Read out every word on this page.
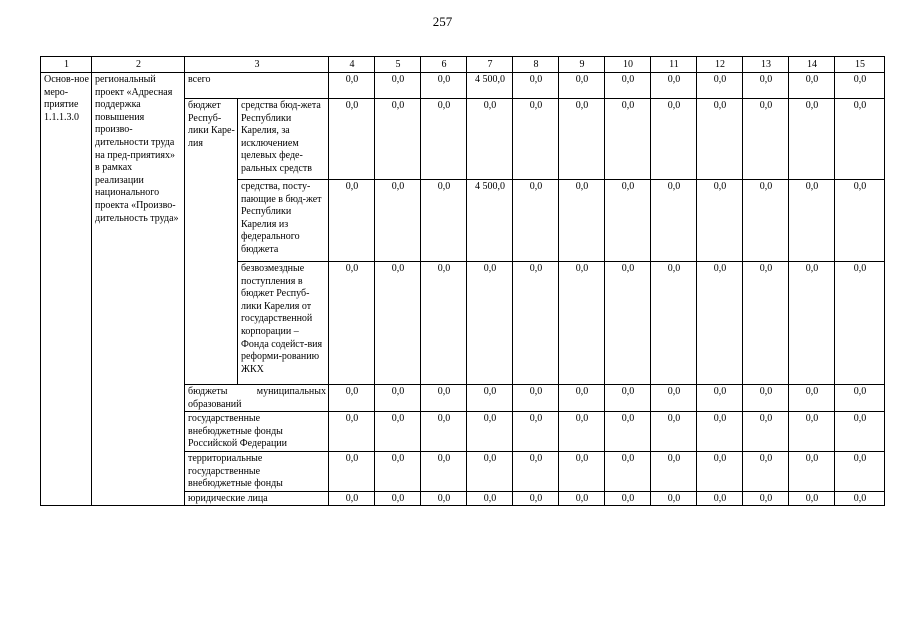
257
1	2	3		4	5	6	7	8	9	10	11	12	13	14	15
Основ-ное меро-приятие 1.1.1.3.0	региональный проект «Адресная поддержка повышения произво-дительности труда на пред-приятиях» в рамках реализации национального проекта «Произво-дительность труда»	всего		0,0	0,0	0,0	4 500,0	0,0	0,0	0,0	0,0	0,0	0,0	0,0	0,0
		бюджет Респуб-лики Каре-лия	средства бюд-жета Республики Карелия, за исключением целевых феде-ральных средств	0,0	0,0	0,0	0,0	0,0	0,0	0,0	0,0	0,0	0,0	0,0	0,0
			средства, посту-пающие в бюд-жет Республики Карелия из федерального бюджета	0,0	0,0	0,0	4 500,0	0,0	0,0	0,0	0,0	0,0	0,0	0,0	0,0
			безвозмездные поступления в бюджет Респуб-лики Карелия от государственной корпорации – Фонда содейст-вия реформи-рованию ЖКХ	0,0	0,0	0,0	0,0	0,0	0,0	0,0	0,0	0,0	0,0	0,0	0,0
		бюджеты муниципальных образований		0,0	0,0	0,0	0,0	0,0	0,0	0,0	0,0	0,0	0,0	0,0	0,0
		государственные внебюджетные фонды Российской Федерации		0,0	0,0	0,0	0,0	0,0	0,0	0,0	0,0	0,0	0,0	0,0	0,0
		территориальные государственные внебюджетные фонды		0,0	0,0	0,0	0,0	0,0	0,0	0,0	0,0	0,0	0,0	0,0	0,0
		юридические лица		0,0	0,0	0,0	0,0	0,0	0,0	0,0	0,0	0,0	0,0	0,0	0,0
